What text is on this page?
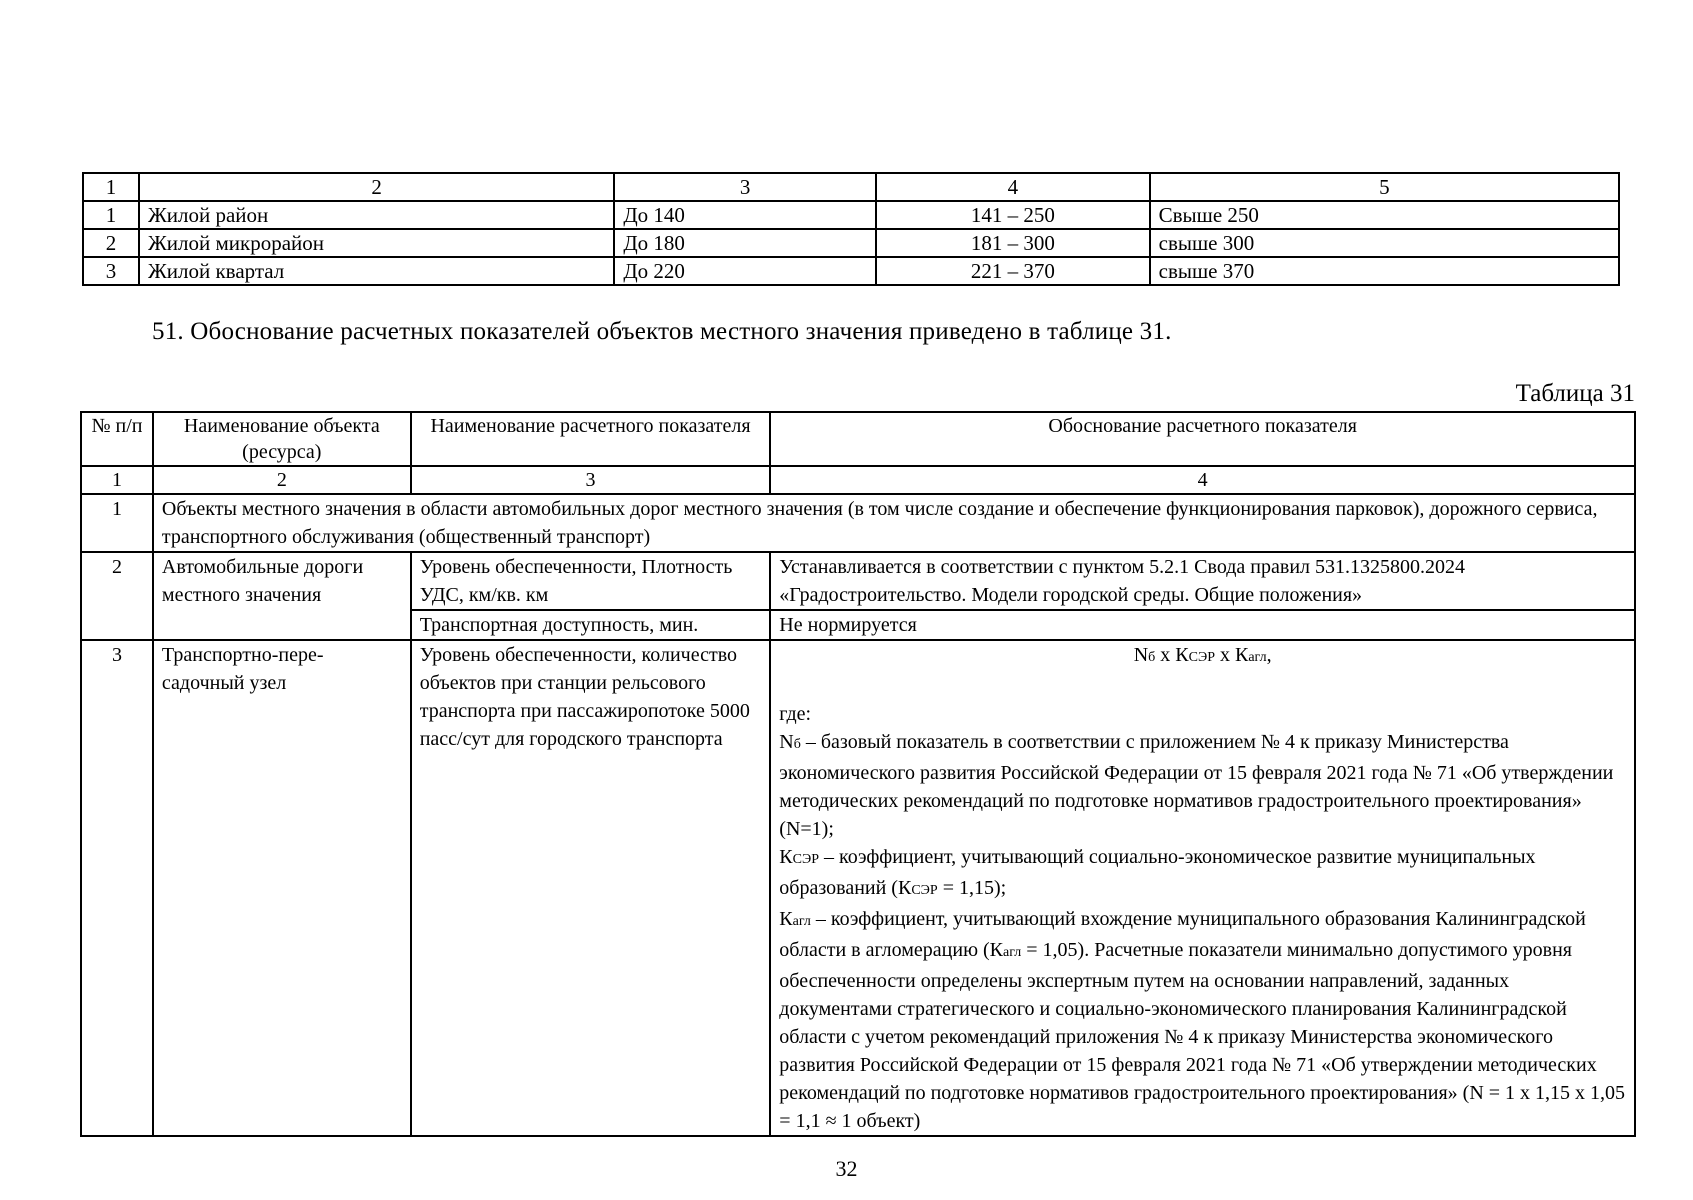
1	2	3	4	5
1	Жилой район	До 140	141 – 250	Свыше 250
2	Жилой микрорайон	До 180	181 – 300	свыше 300
3	Жилой квартал	До 220	221 – 370	свыше 370
51. Обоснование расчетных показателей объектов местного значения приведено в таблице 31.
Таблица 31
№ п/п	Наименование объекта (ресурса)	Наименование расчетного показателя	Обоснование расчетного показателя
1	2	3	4
1	Объекты местного значения в области автомобильных дорог местного значения (в том числе создание и обеспечение функционирования парковок), дорожного сервиса, транспортного обслуживания (общественный транспорт)		
2	Автомобильные дороги местного значения	Уровень обеспеченности, Плотность УДС, км/кв. км	Устанавливается в соответствии с пунктом 5.2.1 Свода правил 531.1325800.2024 «Градостроительство. Модели городской среды. Общие положения»
		Транспортная доступность, мин.	Не нормируется
3	Транспортно-пере-садочный узел	Уровень обеспеченности, количество объектов при станции рельсового транспорта при пассажиропотоке 5000 пасс/сут для городского транспорта	Nб x КСЭР x Кагл,
где:
Nб – базовый показатель в соответствии с приложением № 4 к приказу Министерства экономического развития Российской Федерации от 15 февраля 2021 года № 71 «Об утверждении методических рекомендаций по подготовке нормативов градостроительного проектирования» (N=1);
КСЭР – коэффициент, учитывающий социально-экономическое развитие муниципальных образований (КСЭР = 1,15);
Кагл – коэффициент, учитывающий вхождение муниципального образования Калининградской области в агломерацию (Кагл = 1,05). Расчетные показатели минимально допустимого уровня обеспеченности определены экспертным путем на основании направлений, заданных документами стратегического и социально-экономического планирования Калининградской области с учетом рекомендаций приложения № 4 к приказу Министерства экономического развития Российской Федерации от 15 февраля 2021 года № 71 «Об утверждении методических рекомендаций по подготовке нормативов градостроительного проектирования» (N = 1 x 1,15 x 1,05 = 1,1 ≈ 1 объект)
32
